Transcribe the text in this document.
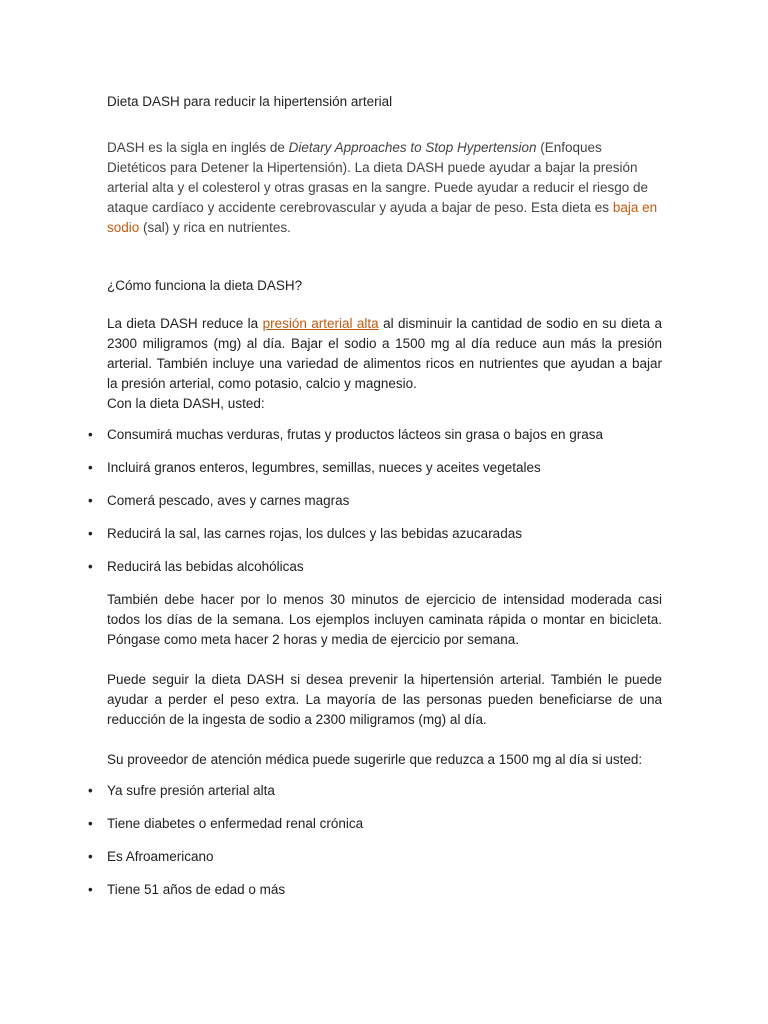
Dieta DASH para reducir la hipertensión arterial

DASH es la sigla en inglés de Dietary Approaches to Stop Hypertension (Enfoques Dietéticos para Detener la Hipertensión). La dieta DASH puede ayudar a bajar la presión arterial alta y el colesterol y otras grasas en la sangre. Puede ayudar a reducir el riesgo de ataque cardíaco y accidente cerebrovascular y ayuda a bajar de peso. Esta dieta es baja en sodio (sal) y rica en nutrientes.

¿Cómo funciona la dieta DASH?

La dieta DASH reduce la presión arterial alta al disminuir la cantidad de sodio en su dieta a 2300 miligramos (mg) al día. Bajar el sodio a 1500 mg al día reduce aun más la presión arterial. También incluye una variedad de alimentos ricos en nutrientes que ayudan a bajar la presión arterial, como potasio, calcio y magnesio.

Con la dieta DASH, usted:

• Consumirá muchas verduras, frutas y productos lácteos sin grasa o bajos en grasa
• Incluirá granos enteros, legumbres, semillas, nueces y aceites vegetales
• Comerá pescado, aves y carnes magras
• Reducirá la sal, las carnes rojas, los dulces y las bebidas azucaradas
• Reducirá las bebidas alcohólicas

También debe hacer por lo menos 30 minutos de ejercicio de intensidad moderada casi todos los días de la semana. Los ejemplos incluyen caminata rápida o montar en bicicleta. Póngase como meta hacer 2 horas y media de ejercicio por semana.

Puede seguir la dieta DASH si desea prevenir la hipertensión arterial. También le puede ayudar a perder el peso extra. La mayoría de las personas pueden beneficiarse de una reducción de la ingesta de sodio a 2300 miligramos (mg) al día.

Su proveedor de atención médica puede sugerirle que reduzca a 1500 mg al día si usted:

• Ya sufre presión arterial alta
• Tiene diabetes o enfermedad renal crónica
• Es Afroamericano
• Tiene 51 años de edad o más
